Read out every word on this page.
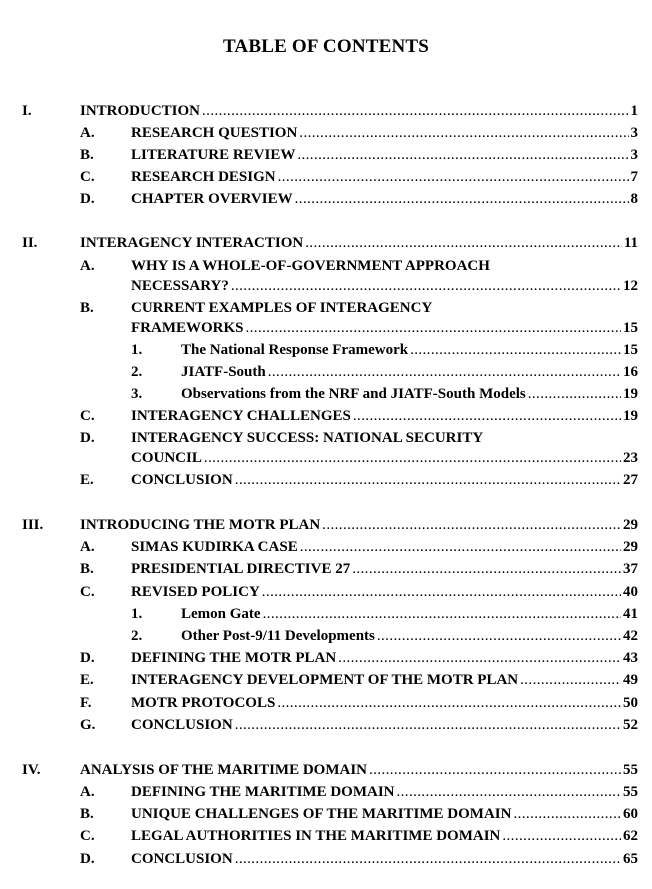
TABLE OF CONTENTS
I.	INTRODUCTION .....	1
A. RESEARCH QUESTION .....	3
B. LITERATURE REVIEW .....	3
C. RESEARCH DESIGN .....	7
D. CHAPTER OVERVIEW .....	8
II.	INTERAGENCY INTERACTION .....	11
A. WHY IS A WHOLE-OF-GOVERNMENT APPROACH
NECESSARY? .....	12
B. CURRENT EXAMPLES OF INTERAGENCY
FRAMEWORKS .....	15
1.	The National Response Framework .....	15
2.	JIATF-South .....	16
3.	Observations from the NRF and JIATF-South Models .....	19
C. INTERAGENCY CHALLENGES .....	19
D. INTERAGENCY SUCCESS: NATIONAL SECURITY
COUNCIL .....	23
E. CONCLUSION .....	27
III. INTRODUCING THE MOTR PLAN .....	29
A. SIMAS KUDIRKA CASE .....	29
B. PRESIDENTIAL DIRECTIVE 27 .....	37
C. REVISED POLICY .....	40
1.	Lemon Gate .....	41
2.	Other Post-9/11 Developments .....	42
D. DEFINING THE MOTR PLAN .....	43
E. INTERAGENCY DEVELOPMENT OF THE MOTR PLAN .....	49
F.	MOTR PROTOCOLS .....	50
G. CONCLUSION .....	52
IV.	ANALYSIS OF THE MARITIME DOMAIN .....	55
A. DEFINING THE MARITIME DOMAIN .....	55
B. UNIQUE CHALLENGES OF THE MARITIME DOMAIN .....	60
C. LEGAL AUTHORITIES IN THE MARITIME DOMAIN .....	62
D. CONCLUSION .....	65
